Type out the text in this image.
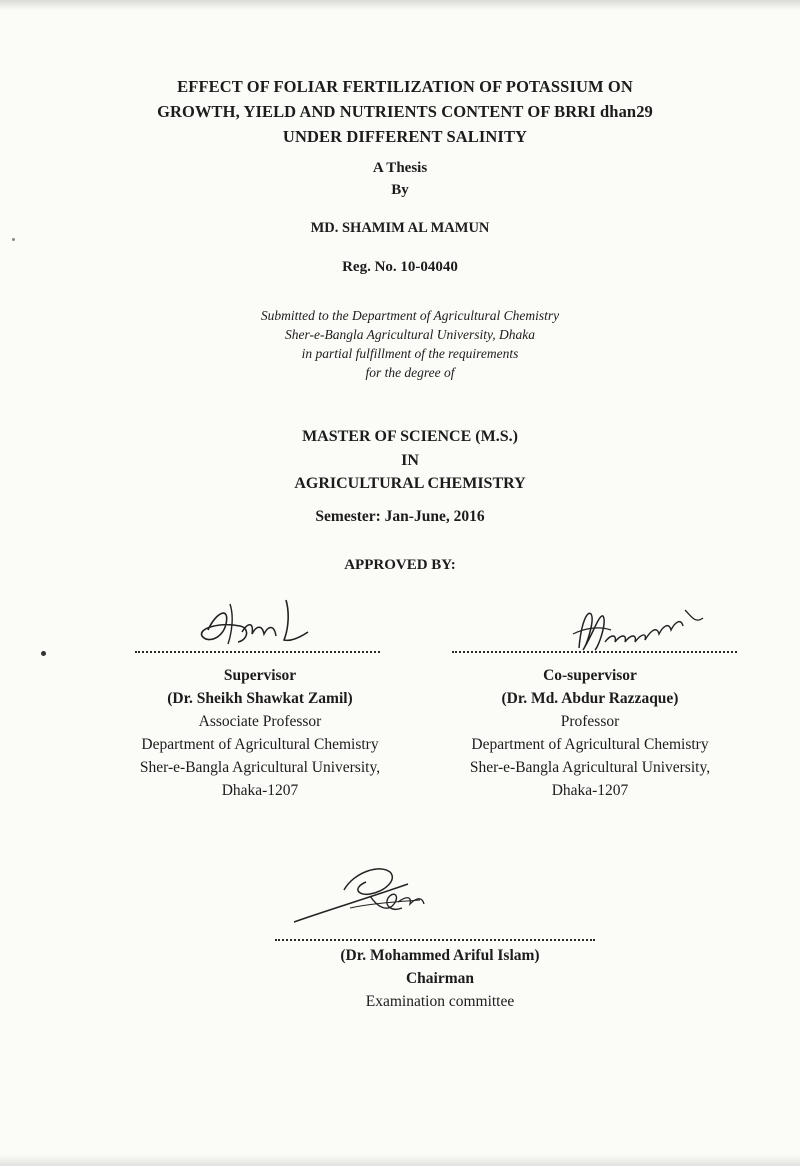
EFFECT OF FOLIAR FERTILIZATION OF POTASSIUM ON
GROWTH, YIELD AND NUTRIENTS CONTENT OF BRRI dhan29
UNDER DIFFERENT SALINITY
A Thesis
By
MD. SHAMIM AL MAMUN
Reg. No. 10-04040
Submitted to the Department of Agricultural Chemistry
Sher-e-Bangla Agricultural University, Dhaka
in partial fulfillment of the requirements
for the degree of
MASTER OF SCIENCE (M.S.)
IN
AGRICULTURAL CHEMISTRY
Semester: Jan-June, 2016
APPROVED BY:
Supervisor
(Dr. Sheikh Shawkat Zamil)
Associate Professor
Department of Agricultural Chemistry
Sher-e-Bangla Agricultural University,
Dhaka-1207
Co-supervisor
(Dr. Md. Abdur Razzaque)
Professor
Department of Agricultural Chemistry
Sher-e-Bangla Agricultural University,
Dhaka-1207
(Dr. Mohammed Ariful Islam)
Chairman
Examination committee
